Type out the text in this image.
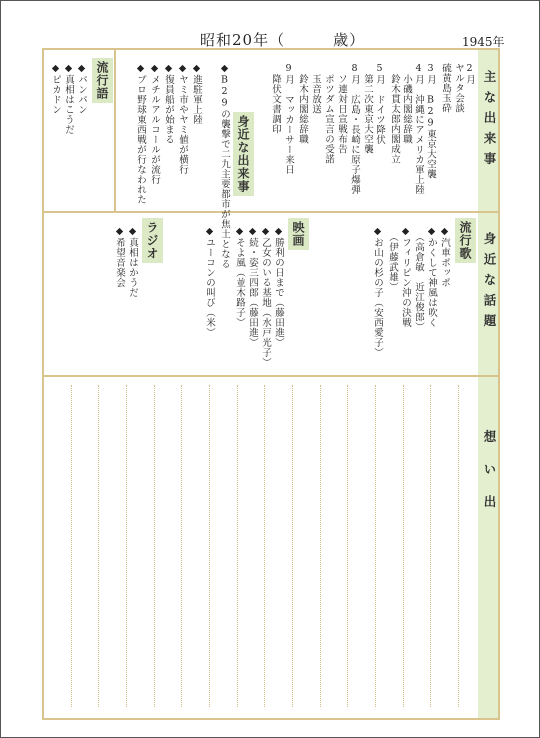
昭和20年（　　　歳）	1945年
主な出来事
身近な話題
想い出
2月
ヤルタ会談
硫黄島玉砕
3月　B29東京大空襲
4月　沖縄にアメリカ軍上陸
小磯内閣総辞職
鈴木貫太郎内閣成立
5月　ドイツ降伏
第二次東京大空襲
8月　広島・長崎に原子爆弾
ソ連対日宣戦布告
ポツダム宣言の受諾
玉音放送
鈴木内閣総辞職
9月　マッカーサー来日
降伏文書調印
身近な出来事
◆B29の襲撃で二九主要都市が焦土となる
◆進駐軍上陸
◆ヤミ市やヤミ値が横行
◆復員船が始まる
◆メチルアルコールが流行
◆プロ野球東西戦が行なわれた
流行語
◆パンパン
◆真相はこうだ
◆ピカドン
流行歌
◆汽車ポッポ
◆かくして神風は吹く
（高倉敏　近江俊郎）
◆フィリピン沖の決戦
（伊藤武雄）
◆お山の杉の子（安西愛子）
映画
◆勝利の日まで（藤田進）
◆乙女のいる基地（水戸光子）
◆続・姿三四郎（藤田進）
◆そよ風（並木路子）
◆ユーコンの叫び（米）
ラジオ
◆真相はかうだ
◆希望音楽会
